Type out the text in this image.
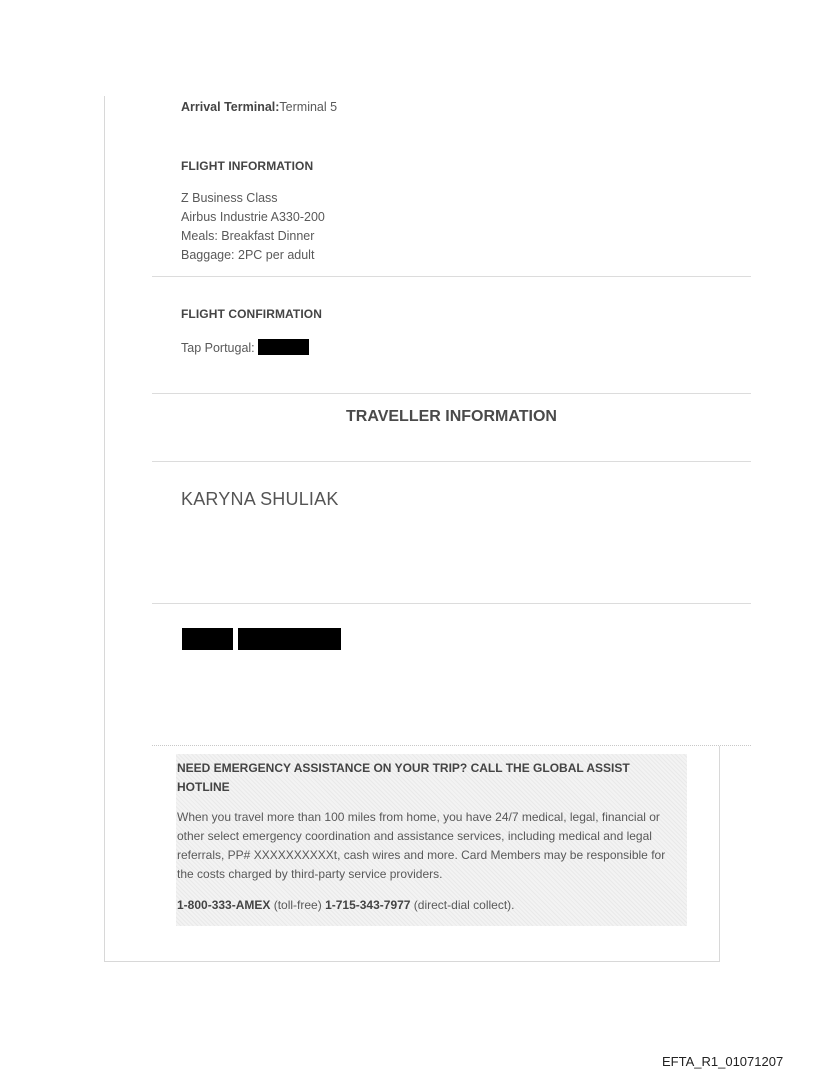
Arrival Terminal:Terminal 5
FLIGHT INFORMATION
Z Business Class
Airbus Industrie A330-200
Meals: Breakfast Dinner
Baggage: 2PC per adult
FLIGHT CONFIRMATION
Tap Portugal:
TRAVELLER INFORMATION
KARYNA SHULIAK
NEED EMERGENCY ASSISTANCE ON YOUR TRIP? CALL THE GLOBAL ASSIST HOTLINE
When you travel more than 100 miles from home, you have 24/7 medical, legal, financial or other select emergency coordination and assistance services, including medical and legal referrals, PP# XXXXXXXXXXt, cash wires and more. Card Members may be responsible for the costs charged by third-party service providers.
1-800-333-AMEX (toll-free) 1-715-343-7977 (direct-dial collect).
EFTA_R1_01071207
